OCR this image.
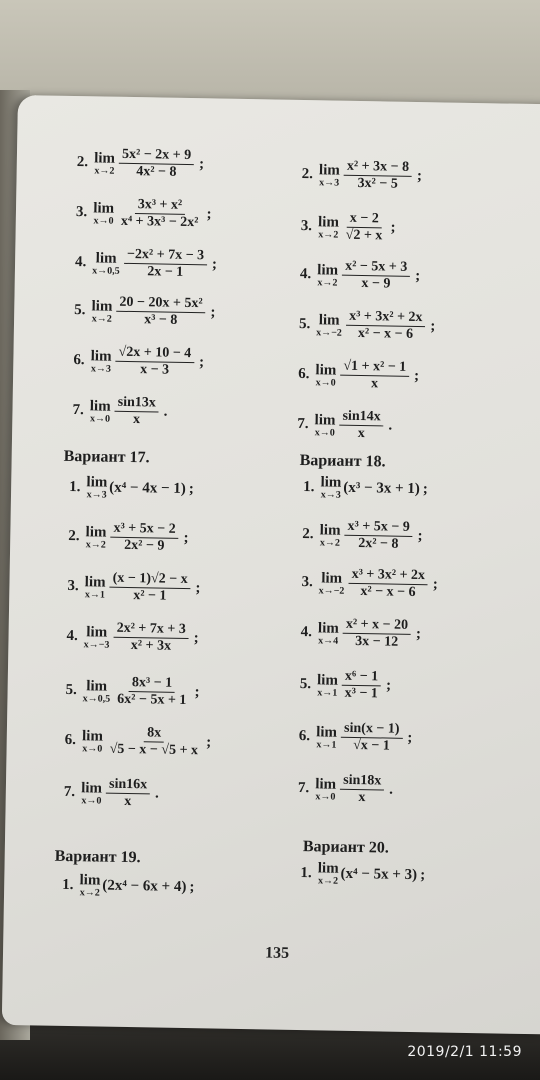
Вариант 17.	Вариант 18.
Вариант 19.
Вариант 20.
135
2. lim
$x\to 2 \frac{\text{5x² − 2x + 9}}{\text{4x² − 8}}$ ;
3. lim
$x\to 0 \frac{\text{3x³ + x²}}{\text{x⁴ + 3x³ − 2x²}}$ ;
4. lim
$x\to 0,5 \frac{\text{−2x² + 7x − 3}}{2x - 1}$ ;
5. lim
$x\to 2 \frac{\text{20 − 20x + 5x²}}{\text{x³ − 8}}$ ;
6. lim
$x\to 3 \frac{√2x + 10 - 4}{x - 3}$ ;
7. lim
$x\to 0 \frac{\sin 13x}{x}$ .
1. lim
x→3 (x⁴ − 4x − 1) ;
2. lim
$x\to 2 \frac{\text{x³ + 5x − 2}}{\text{2x² − 9}}$ ;
3. lim
$x\to 1 \frac{(x - 1)√2 - x}{\text{x² − 1}}$ ;
4. lim
$x\to-3 \frac{\text{2x² + 7x + 3}}{\text{x² + 3x}}$ ;
5. lim
$x\to 0,5 \frac{\text{8x³ − 1}}{\text{6x² − 5x + 1}}$ ;
6. lim
$x\to 0 \frac{8x}{√5 - x - √5 + x}$ ;
7. lim
$x\to 0 \frac{\sin 16x}{x}$ .
1. lim
x→2 (2x⁴ − 6x + 4) ;
2. lim
$x\to 3 \frac{\text{x² + 3x − 8}}{\text{3x² − 5}}$ ;
3. lim
$x\to 2 \frac{x - 2}{√2 + x}$ ;
4. lim
$x\to 2 \frac{\text{x² − 5x + 3}}{x - 9}$ ;
5. lim
$x\to-2 \frac{\text{x³ + 3x² + 2x}}{\text{x² − x − 6}}$ ;
6. lim
$x\to 0 \frac{\text{√1 + x² − 1}}{x}$ ;
7. lim
$x\to 0 \frac{\sin 14x}{x}$ .
1. lim
x→3 (x³ − 3x + 1) ;
2. lim
$x\to 2 \frac{\text{x³ + 5x − 9}}{\text{2x² − 8}}$ ;
3. lim
$x\to-2 \frac{\text{x³ + 3x² + 2x}}{\text{x² − x − 6}}$ ;
4. lim
$x\to 4 \frac{\text{x² + x − 20}}{3x - 12}$ ;
5. lim
$x\to 1 \frac{\text{x⁶ − 1}}{\text{x³ − 1}}$ ;
6. lim
$x\to 1 \frac{\sin(x - 1)}{√x - 1}$ ;
7. lim
$x\to 0 \frac{\sin 18x}{x}$ .
1. lim
x→2 (x⁴ − 5x + 3) ;
2019/2/1 11:59
